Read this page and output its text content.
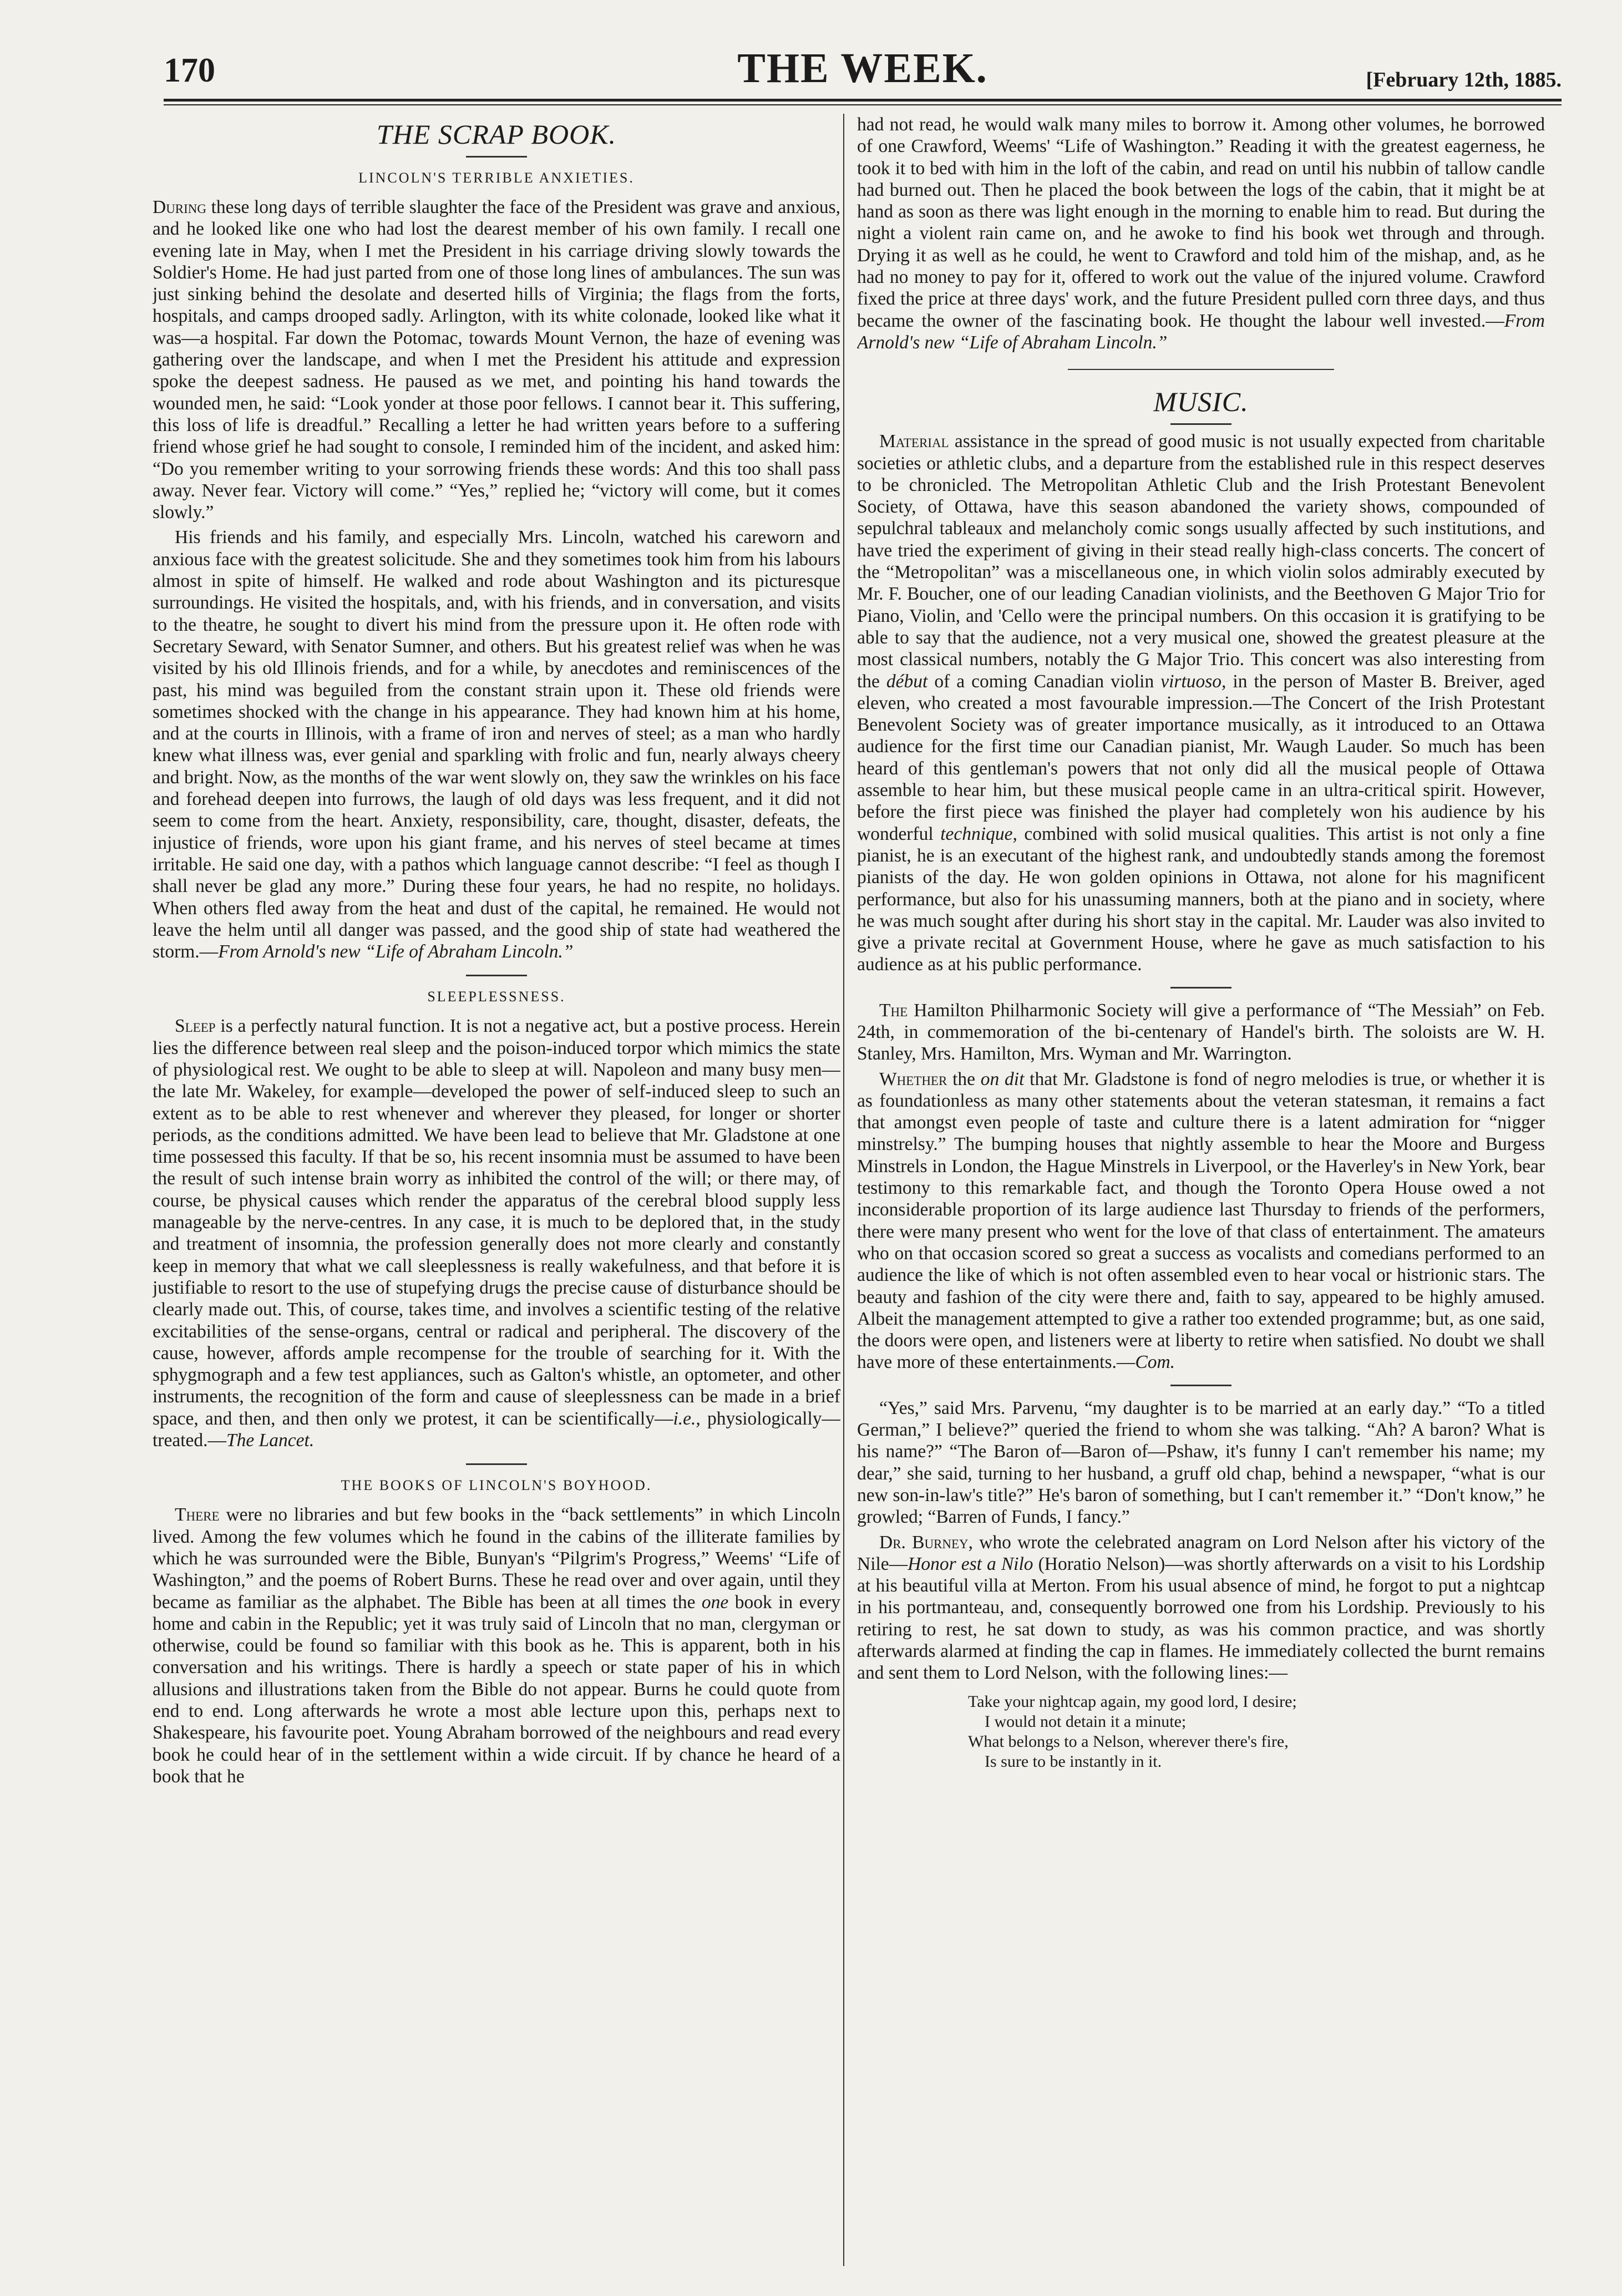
170	THE WEEK.	[February 12th, 1885.
THE SCRAP BOOK.
LINCOLN'S TERRIBLE ANXIETIES.

During these long days of terrible slaughter the face of the President was grave and anxious, and he looked like one who had lost the dearest member of his own family. I recall one evening late in May, when I met the President in his carriage driving slowly towards the Soldier's Home. He had just parted from one of those long lines of ambulances. The sun was just sinking behind the desolate and deserted hills of Virginia; the flags from the forts, hospitals, and camps drooped sadly. Arlington, with its white colonade, looked like what it was—a hospital. Far down the Potomac, towards Mount Vernon, the haze of evening was gathering over the landscape, and when I met the President his attitude and expression spoke the deepest sadness. He paused as we met, and pointing his hand towards the wounded men, he said: “Look yonder at those poor fellows. I cannot bear it. This suffering, this loss of life is dreadful.” Recalling a letter he had written years before to a suffering friend whose grief he had sought to console, I reminded him of the incident, and asked him: “Do you remember writing to your sorrowing friends these words: And this too shall pass away. Never fear. Victory will come.” “Yes,” replied he; “victory will come, but it comes slowly.”

His friends and his family, and especially Mrs. Lincoln, watched his careworn and anxious face with the greatest solicitude. She and they sometimes took him from his labours almost in spite of himself. He walked and rode about Washington and its picturesque surroundings. He visited the hospitals, and, with his friends, and in conversation, and visits to the theatre, he sought to divert his mind from the pressure upon it. He often rode with Secretary Seward, with Senator Sumner, and others. But his greatest relief was when he was visited by his old Illinois friends, and for a while, by anecdotes and reminiscences of the past, his mind was beguiled from the constant strain upon it. These old friends were sometimes shocked with the change in his appearance. They had known him at his home, and at the courts in Illinois, with a frame of iron and nerves of steel; as a man who hardly knew what illness was, ever genial and sparkling with frolic and fun, nearly always cheery and bright. Now, as the months of the war went slowly on, they saw the wrinkles on his face and forehead deepen into furrows, the laugh of old days was less frequent, and it did not seem to come from the heart. Anxiety, responsibility, care, thought, disaster, defeats, the injustice of friends, wore upon his giant frame, and his nerves of steel became at times irritable. He said one day, with a pathos which language cannot describe: “I feel as though I shall never be glad any more.” During these four years, he had no respite, no holidays. When others fled away from the heat and dust of the capital, he remained. He would not leave the helm until all danger was passed, and the good ship of state had weathered the storm.—From Arnold's new “Life of Abraham Lincoln.”

SLEEPLESSNESS.

Sleep is a perfectly natural function. It is not a negative act, but a postive process. Herein lies the difference between real sleep and the poison-induced torpor which mimics the state of physiological rest. We ought to be able to sleep at will. Napoleon and many busy men—the late Mr. Wakeley, for example—developed the power of self-induced sleep to such an extent as to be able to rest whenever and wherever they pleased, for longer or shorter periods, as the conditions admitted. We have been lead to believe that Mr. Gladstone at one time possessed this faculty. If that be so, his recent insomnia must be assumed to have been the result of such intense brain worry as inhibited the control of the will; or there may, of course, be physical causes which render the apparatus of the cerebral blood supply less manageable by the nerve-centres. In any case, it is much to be deplored that, in the study and treatment of insomnia, the profession generally does not more clearly and constantly keep in memory that what we call sleeplessness is really wakefulness, and that before it is justifiable to resort to the use of stupefying drugs the precise cause of disturbance should be clearly made out. This, of course, takes time, and involves a scientific testing of the relative excitabilities of the sense-organs, central or radical and peripheral. The discovery of the cause, however, affords ample recompense for the trouble of searching for it. With the sphygmograph and a few test appliances, such as Galton's whistle, an optometer, and other instruments, the recognition of the form and cause of sleeplessness can be made in a brief space, and then, and then only we protest, it can be scientifically—i.e., physiologically—treated.—The Lancet.

THE BOOKS OF LINCOLN'S BOYHOOD.

There were no libraries and but few books in the “back settlements” in which Lincoln lived. Among the few volumes which he found in the cabins of the illiterate families by which he was surrounded were the Bible, Bunyan's “Pilgrim's Progress,” Weems' “Life of Washington,” and the poems of Robert Burns. These he read over and over again, until they became as familiar as the alphabet. The Bible has been at all times the one book in every home and cabin in the Republic; yet it was truly said of Lincoln that no man, clergyman or otherwise, could be found so familiar with this book as he. This is apparent, both in his conversation and his writings. There is hardly a speech or state paper of his in which allusions and illustrations taken from the Bible do not appear. Burns he could quote from end to end. Long afterwards he wrote a most able lecture upon this, perhaps next to Shakespeare, his favourite poet. Young Abraham borrowed of the neighbours and read every book he could hear of in the settlement within a wide circuit. If by chance he heard of a book that he

had not read, he would walk many miles to borrow it. Among other volumes, he borrowed of one Crawford, Weems' “Life of Washington.” Reading it with the greatest eagerness, he took it to bed with him in the loft of the cabin, and read on until his nubbin of tallow candle had burned out. Then he placed the book between the logs of the cabin, that it might be at hand as soon as there was light enough in the morning to enable him to read. But during the night a violent rain came on, and he awoke to find his book wet through and through. Drying it as well as he could, he went to Crawford and told him of the mishap, and, as he had no money to pay for it, offered to work out the value of the injured volume. Crawford fixed the price at three days' work, and the future President pulled corn three days, and thus became the owner of the fascinating book. He thought the labour well invested.—From Arnold's new “Life of Abraham Lincoln.”

MUSIC.

Material assistance in the spread of good music is not usually expected from charitable societies or athletic clubs, and a departure from the established rule in this respect deserves to be chronicled. The Metropolitan Athletic Club and the Irish Protestant Benevolent Society, of Ottawa, have this season abandoned the variety shows, compounded of sepulchral tableaux and melancholy comic songs usually affected by such institutions, and have tried the experiment of giving in their stead really high-class concerts. The concert of the “Metropolitan” was a miscellaneous one, in which violin solos admirably executed by Mr. F. Boucher, one of our leading Canadian violinists, and the Beethoven G Major Trio for Piano, Violin, and 'Cello were the principal numbers. On this occasion it is gratifying to be able to say that the audience, not a very musical one, showed the greatest pleasure at the most classical numbers, notably the G Major Trio. This concert was also interesting from the début of a coming Canadian violin virtuoso, in the person of Master B. Breiver, aged eleven, who created a most favourable impression.—The Concert of the Irish Protestant Benevolent Society was of greater importance musically, as it introduced to an Ottawa audience for the first time our Canadian pianist, Mr. Waugh Lauder. So much has been heard of this gentleman's powers that not only did all the musical people of Ottawa assemble to hear him, but these musical people came in an ultra-critical spirit. However, before the first piece was finished the player had completely won his audience by his wonderful technique, combined with solid musical qualities. This artist is not only a fine pianist, he is an executant of the highest rank, and undoubtedly stands among the foremost pianists of the day. He won golden opinions in Ottawa, not alone for his magnificent performance, but also for his unassuming manners, both at the piano and in society, where he was much sought after during his short stay in the capital. Mr. Lauder was also invited to give a private recital at Government House, where he gave as much satisfaction to his audience as at his public performance.

The Hamilton Philharmonic Society will give a performance of “The Messiah” on Feb. 24th, in commemoration of the bi-centenary of Handel's birth. The soloists are W. H. Stanley, Mrs. Hamilton, Mrs. Wyman and Mr. Warrington.

Whether the on dit that Mr. Gladstone is fond of negro melodies is true, or whether it is as foundationless as many other statements about the veteran statesman, it remains a fact that amongst even people of taste and culture there is a latent admiration for “nigger minstrelsy.” The bumping houses that nightly assemble to hear the Moore and Burgess Minstrels in London, the Hague Minstrels in Liverpool, or the Haverley's in New York, bear testimony to this remarkable fact, and though the Toronto Opera House owed a not inconsiderable proportion of its large audience last Thursday to friends of the performers, there were many present who went for the love of that class of entertainment. The amateurs who on that occasion scored so great a success as vocalists and comedians performed to an audience the like of which is not often assembled even to hear vocal or histrionic stars. The beauty and fashion of the city were there and, faith to say, appeared to be highly amused. Albeit the management attempted to give a rather too extended programme; but, as one said, the doors were open, and listeners were at liberty to retire when satisfied. No doubt we shall have more of these entertainments.—Com.

“Yes,” said Mrs. Parvenu, “my daughter is to be married at an early day.” “To a titled German,” I believe?” queried the friend to whom she was talking. “Ah? A baron? What is his name?” “The Baron of—Baron of—Pshaw, it's funny I can't remember his name; my dear,” she said, turning to her husband, a gruff old chap, behind a newspaper, “what is our new son-in-law's title?” He's baron of something, but I can't remember it.” “Don't know,” he growled; “Barren of Funds, I fancy.”

Dr. Burney, who wrote the celebrated anagram on Lord Nelson after his victory of the Nile—Honor est a Nilo (Horatio Nelson)—was shortly afterwards on a visit to his Lordship at his beautiful villa at Merton. From his usual absence of mind, he forgot to put a nightcap in his portmanteau, and, consequently borrowed one from his Lordship. Previously to his retiring to rest, he sat down to study, as was his common practice, and was shortly afterwards alarmed at finding the cap in flames. He immediately collected the burnt remains and sent them to Lord Nelson, with the following lines:—

Take your nightcap again, my good lord, I desire;
I would not detain it a minute;
What belongs to a Nelson, wherever there's fire,
Is sure to be instantly in it.
